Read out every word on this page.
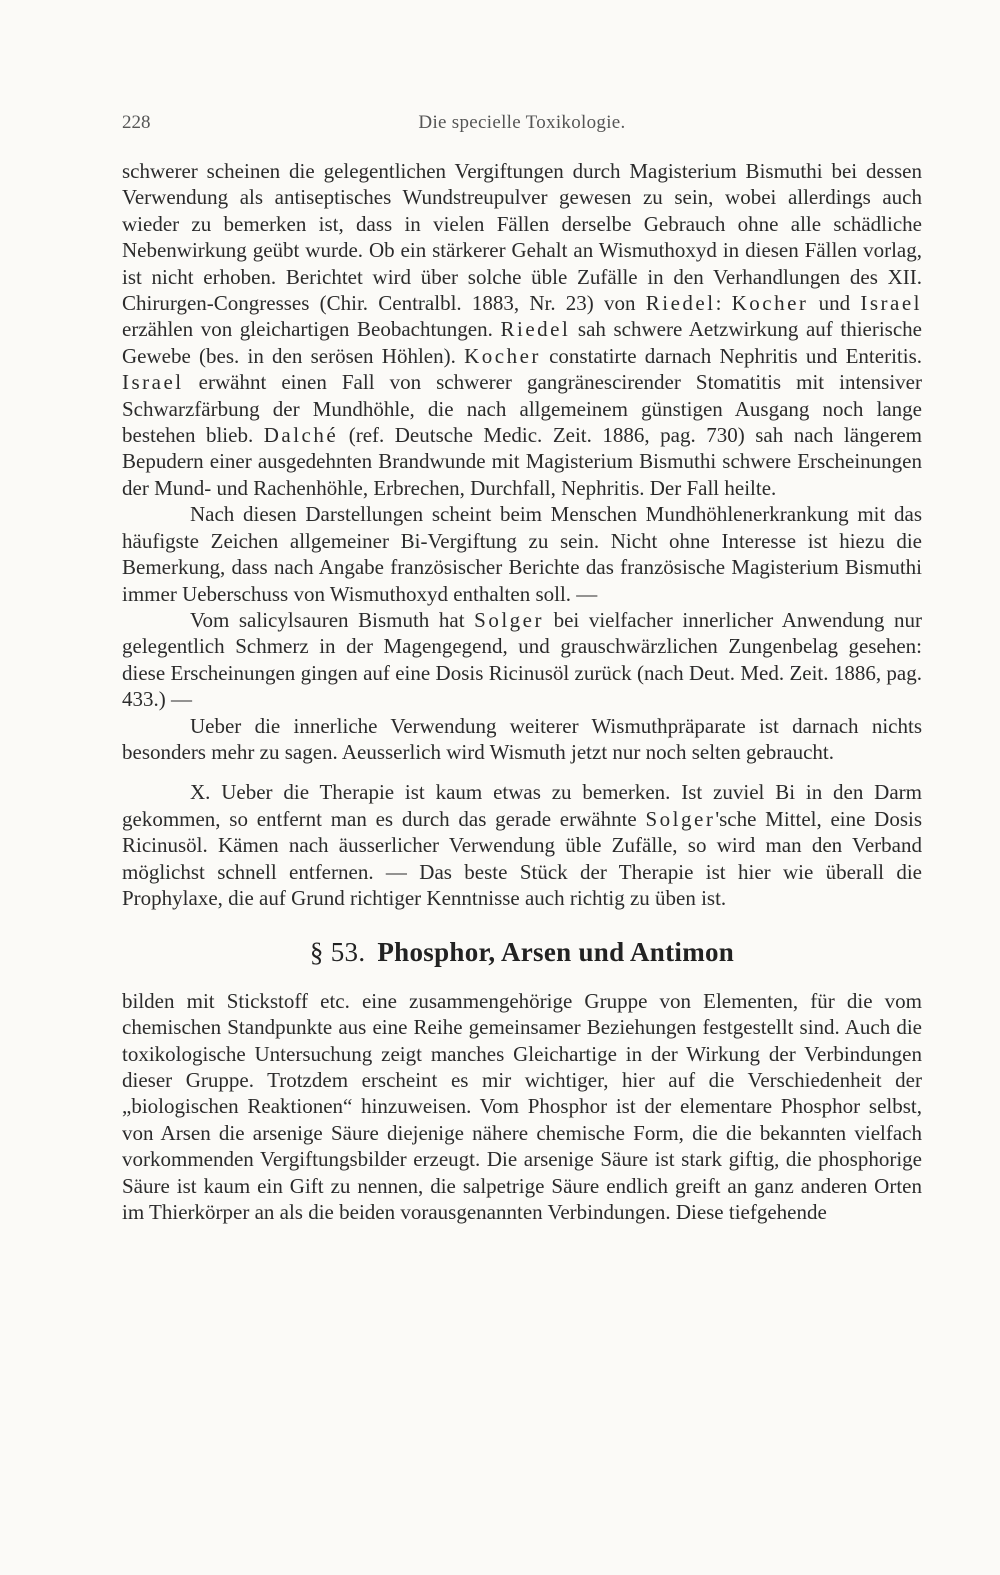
228	Die specielle Toxikologie.

schwerer scheinen die gelegentlichen Vergiftungen durch Magisterium Bismuthi bei dessen Verwendung als antiseptisches Wundstreupulver gewesen zu sein, wobei allerdings auch wieder zu bemerken ist, dass in vielen Fällen derselbe Gebrauch ohne alle schädliche Nebenwirkung geübt wurde. Ob ein stärkerer Gehalt an Wismuthoxyd in diesen Fällen vorlag, ist nicht erhoben. Berichtet wird über solche üble Zufälle in den Verhandlungen des XII. Chirurgen-Congresses (Chir. Centralbl. 1883, Nr. 23) von Riedel: Kocher und Israel erzählen von gleichartigen Beobachtungen. Riedel sah schwere Aetzwirkung auf thierische Gewebe (bes. in den serösen Höhlen). Kocher constatirte darnach Nephritis und Enteritis. Israel erwähnt einen Fall von schwerer gangränescirender Stomatitis mit intensiver Schwarzfärbung der Mundhöhle, die nach allgemeinem günstigen Ausgang noch lange bestehen blieb. Dalché (ref. Deutsche Medic. Zeit. 1886, pag. 730) sah nach längerem Bepudern einer ausgedehnten Brandwunde mit Magisterium Bismuthi schwere Erscheinungen der Mund- und Rachenhöhle, Erbrechen, Durchfall, Nephritis. Der Fall heilte.

Nach diesen Darstellungen scheint beim Menschen Mundhöhlenerkrankung mit das häufigste Zeichen allgemeiner Bi-Vergiftung zu sein. Nicht ohne Interesse ist hiezu die Bemerkung, dass nach Angabe französischer Berichte das französische Magisterium Bismuthi immer Ueberschuss von Wismuthoxyd enthalten soll. —

Vom salicylsauren Bismuth hat Solger bei vielfacher innerlicher Anwendung nur gelegentlich Schmerz in der Magengegend, und grauschwärzlichen Zungenbelag gesehen: diese Erscheinungen gingen auf eine Dosis Ricinusöl zurück (nach Deut. Med. Zeit. 1886, pag. 433.) —

Ueber die innerliche Verwendung weiterer Wismuthpräparate ist darnach nichts besonders mehr zu sagen. Aeusserlich wird Wismuth jetzt nur noch selten gebraucht.

X. Ueber die Therapie ist kaum etwas zu bemerken. Ist zuviel Bi in den Darm gekommen, so entfernt man es durch das gerade erwähnte Solger'sche Mittel, eine Dosis Ricinusöl. Kämen nach äusserlicher Verwendung üble Zufälle, so wird man den Verband möglichst schnell entfernen. — Das beste Stück der Therapie ist hier wie überall die Prophylaxe, die auf Grund richtiger Kenntnisse auch richtig zu üben ist.

§ 53. Phosphor, Arsen und Antimon

bilden mit Stickstoff etc. eine zusammengehörige Gruppe von Elementen, für die vom chemischen Standpunkte aus eine Reihe gemeinsamer Beziehungen festgestellt sind. Auch die toxikologische Untersuchung zeigt manches Gleichartige in der Wirkung der Verbindungen dieser Gruppe. Trotzdem erscheint es mir wichtiger, hier auf die Verschiedenheit der „biologischen Reaktionen“ hinzuweisen. Vom Phosphor ist der elementare Phosphor selbst, von Arsen die arsenige Säure diejenige nähere chemische Form, die die bekannten vielfach vorkommenden Vergiftungsbilder erzeugt. Die arsenige Säure ist stark giftig, die phosphorige Säure ist kaum ein Gift zu nennen, die salpetrige Säure endlich greift an ganz anderen Orten im Thierkörper an als die beiden vorausgenannten Verbindungen. Diese tiefgehende
